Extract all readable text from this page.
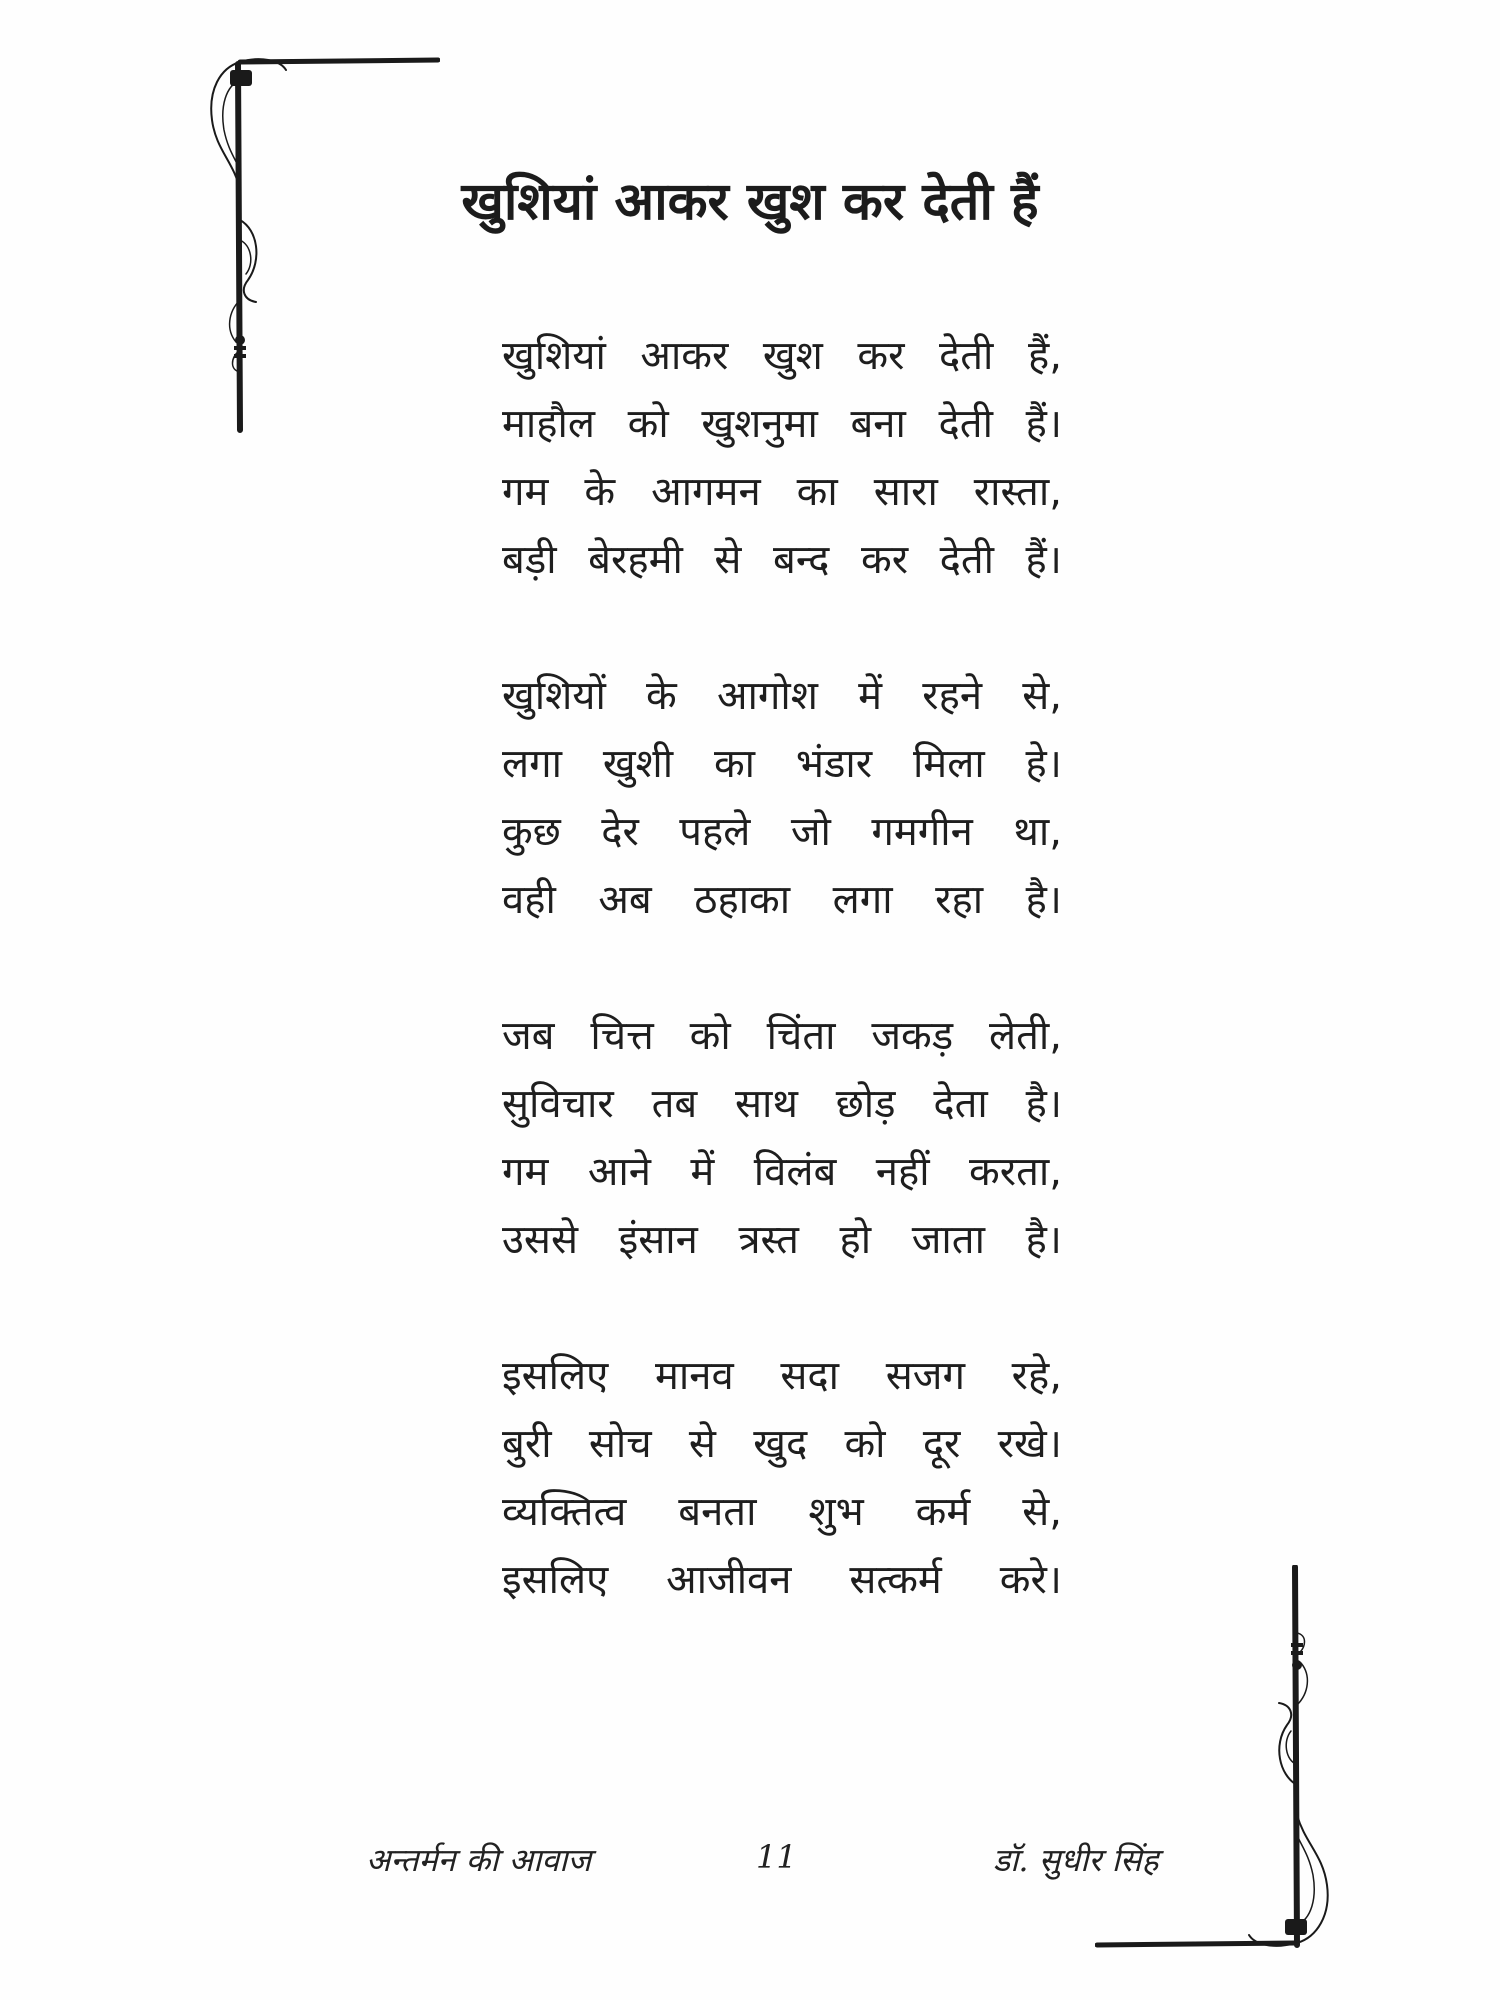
खुशियां आकर खुश कर देती हैं
खुशियां आकर खुश कर देती हैं,
माहौल को खुशनुमा बना देती हैं।
गम के आगमन का सारा रास्ता,
बड़ी बेरहमी से बन्द कर देती हैं।
खुशियों के आगोश में रहने से,
लगा खुशी का भंडार मिला हे।
कुछ देर पहले जो गमगीन था,
वही अब ठहाका लगा रहा है।
जब चित्त को चिंता जकड़ लेती,
सुविचार तब साथ छोड़ देता है।
गम आने में विलंब नहीं करता,
उससे इंसान त्रस्त हो जाता है।
इसलिए मानव सदा सजग रहे,
बुरी सोच से खुद को दूर रखे।
व्यक्तित्व बनता शुभ कर्म से,
इसलिए आजीवन सत्कर्म करे।
अन्तर्मन की आवाज	11	डॉ. सुधीर सिंह
